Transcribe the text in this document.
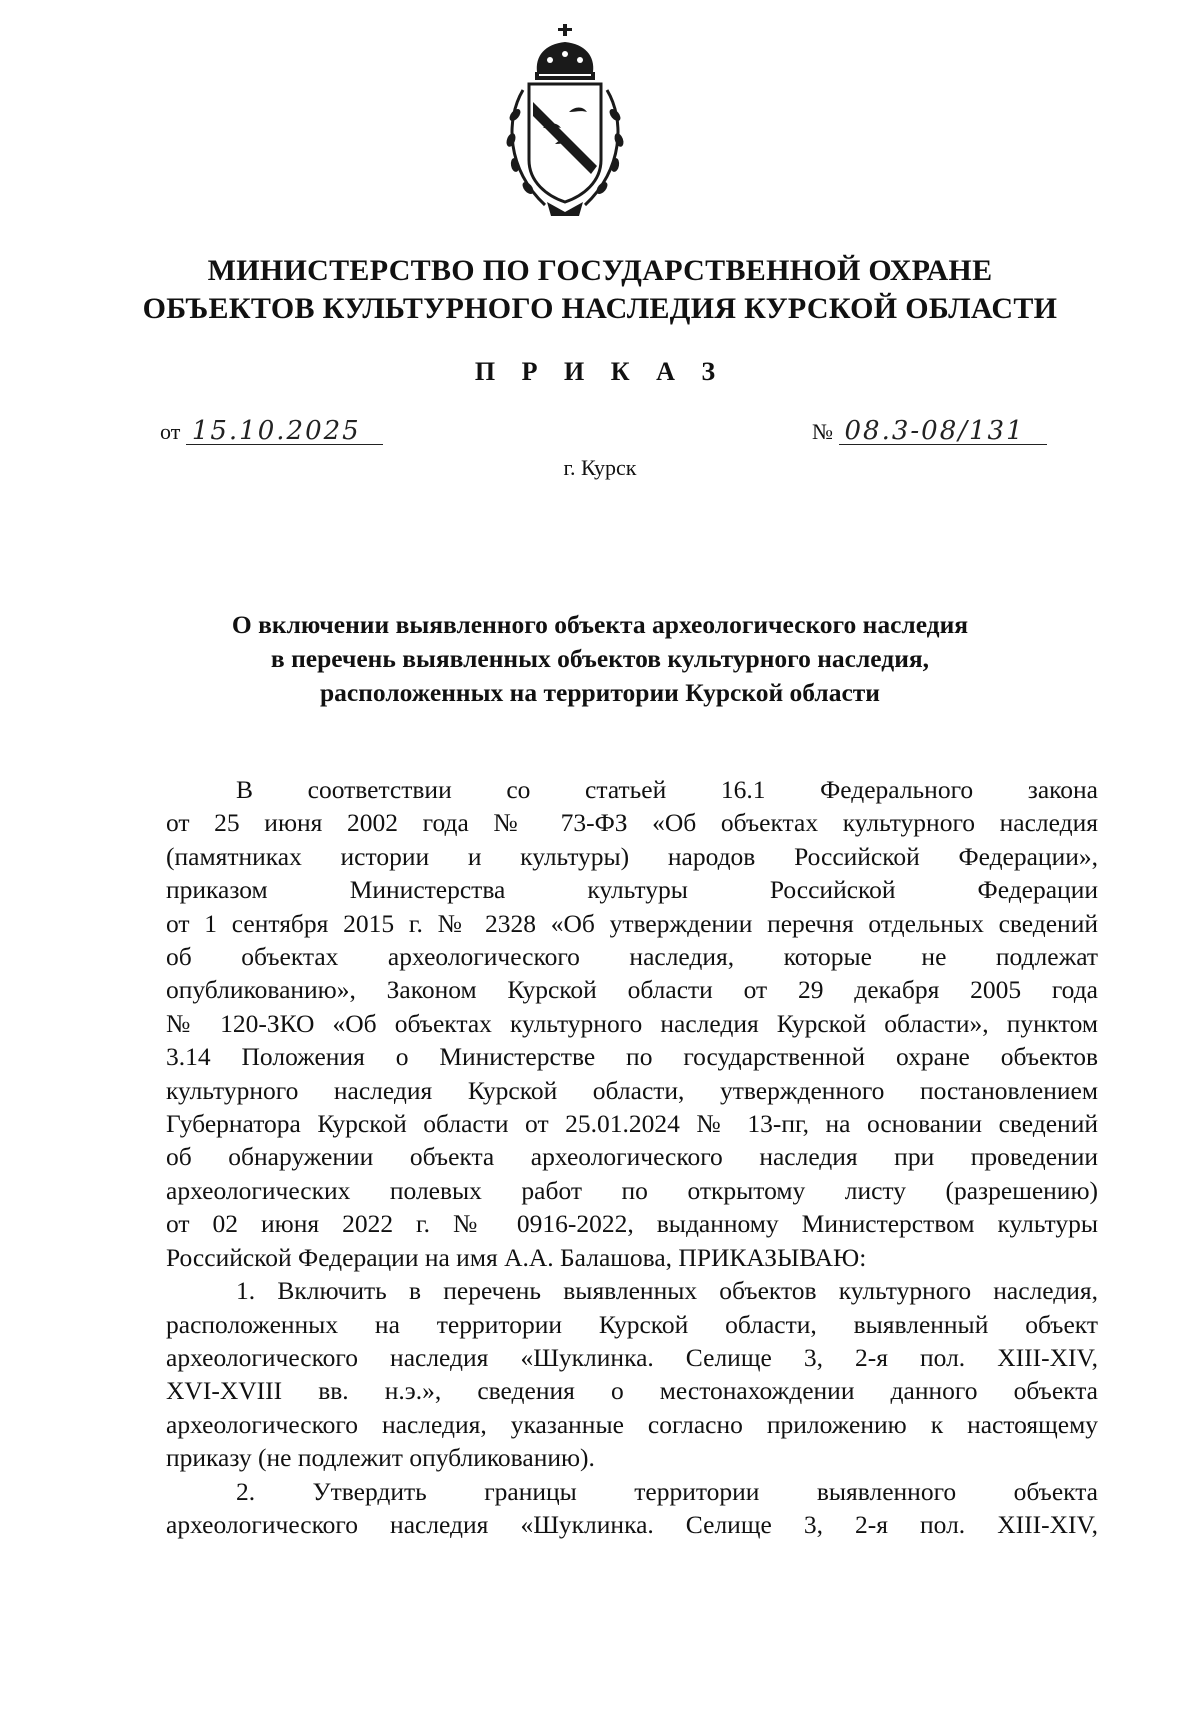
МИНИСТЕРСТВО ПО ГОСУДАРСТВЕННОЙ ОХРАНЕ
ОБЪЕКТОВ КУЛЬТУРНОГО НАСЛЕДИЯ КУРСКОЙ ОБЛАСТИ
П Р И К А З
от 15.10.2025	№ 08.3-08/131
г. Курск
О включении выявленного объекта археологического наследия
в перечень выявленных объектов культурного наследия,
расположенных на территории Курской области
В соответствии со статьей 16.1 Федерального закона
от 25 июня 2002 года № 73-ФЗ «Об объектах культурного наследия
(памятниках истории и культуры) народов Российской Федерации»,
приказом Министерства культуры Российской Федерации
от 1 сентября 2015 г. № 2328 «Об утверждении перечня отдельных сведений
об объектах археологического наследия, которые не подлежат
опубликованию», Законом Курской области от 29 декабря 2005 года
№ 120-ЗКО «Об объектах культурного наследия Курской области», пунктом
3.14 Положения о Министерстве по государственной охране объектов
культурного наследия Курской области, утвержденного постановлением
Губернатора Курской области от 25.01.2024 № 13-пг, на основании сведений
об обнаружении объекта археологического наследия при проведении
археологических полевых работ по открытому листу (разрешению)
от 02 июня 2022 г. № 0916-2022, выданному Министерством культуры
Российской Федерации на имя А.А. Балашова, ПРИКАЗЫВАЮ:
1. Включить в перечень выявленных объектов культурного наследия,
расположенных на территории Курской области, выявленный объект
археологического наследия «Шуклинка. Селище 3, 2-я пол. XIII-XIV,
XVI-XVIII вв. н.э.», сведения о местонахождении данного объекта
археологического наследия, указанные согласно приложению к настоящему
приказу (не подлежит опубликованию).
2. Утвердить границы территории выявленного объекта
археологического наследия «Шуклинка. Селище 3, 2-я пол. XIII-XIV,
